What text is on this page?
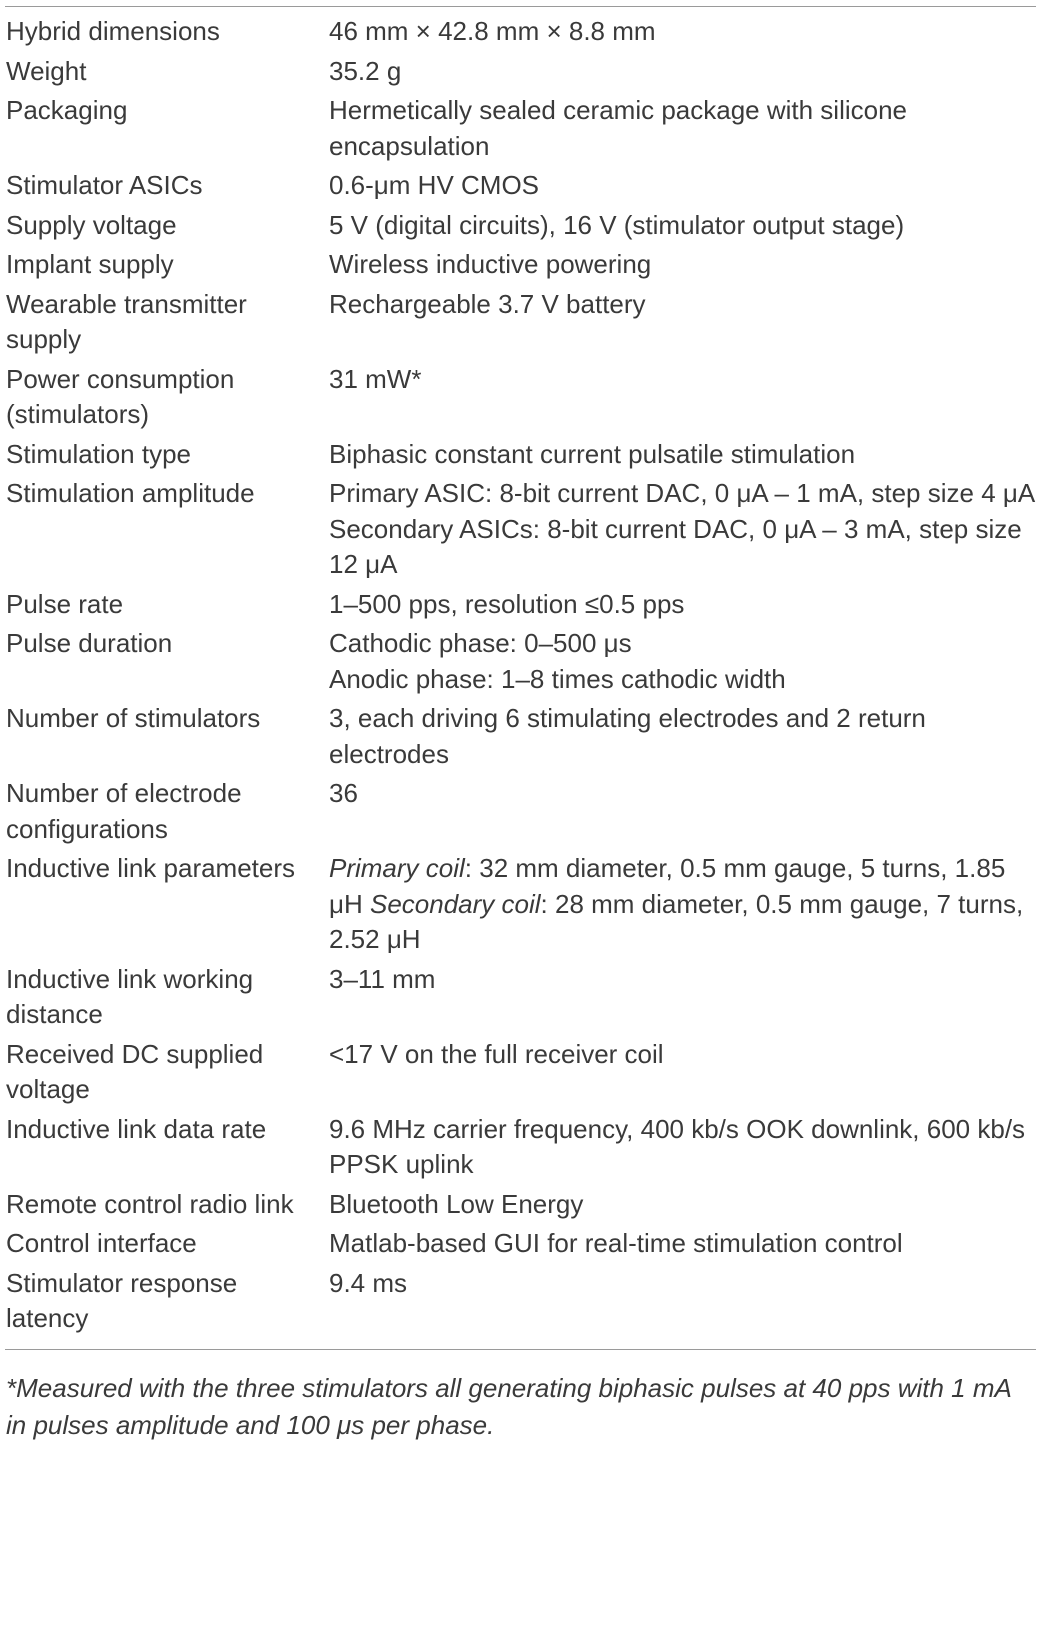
Hybrid dimensions	46 mm × 42.8 mm × 8.8 mm

Weight	35.2 g

Packaging	Hermetically sealed ceramic package with silicone encapsulation

Stimulator ASICs	0.6-μm HV CMOS

Supply voltage	5 V (digital circuits), 16 V (stimulator output stage)

Implant supply	Wireless inductive powering

Wearable transmitter supply	Rechargeable 3.7 V battery

Power consumption (stimulators)	31 mW*

Stimulation type	Biphasic constant current pulsatile stimulation

Stimulation amplitude	Primary ASIC: 8-bit current DAC, 0 μA – 1 mA, step size 4 μA
Secondary ASICs: 8-bit current DAC, 0 μA – 3 mA, step size 12 μA

Pulse rate	1–500 pps, resolution ≤0.5 pps

Pulse duration	Cathodic phase: 0–500 μs
Anodic phase: 1–8 times cathodic width

Number of stimulators	3, each driving 6 stimulating electrodes and 2 return electrodes

Number of electrode configurations	36

Inductive link parameters	Primary coil: 32 mm diameter, 0.5 mm gauge, 5 turns, 1.85 μH Secondary coil: 28 mm diameter, 0.5 mm gauge, 7 turns, 2.52 μH
Inductive link working distance	3–11 mm

Received DC supplied voltage	<17 V on the full receiver coil

Inductive link data rate	9.6 MHz carrier frequency, 400 kb/s OOK downlink, 600 kb/s PPSK uplink

Remote control radio link	Bluetooth Low Energy

Control interface	Matlab-based GUI for real-time stimulation control

Stimulator response latency	9.4 ms
*Measured with the three stimulators all generating biphasic pulses at 40 pps with 1 mA in pulses amplitude and 100 μs per phase.
